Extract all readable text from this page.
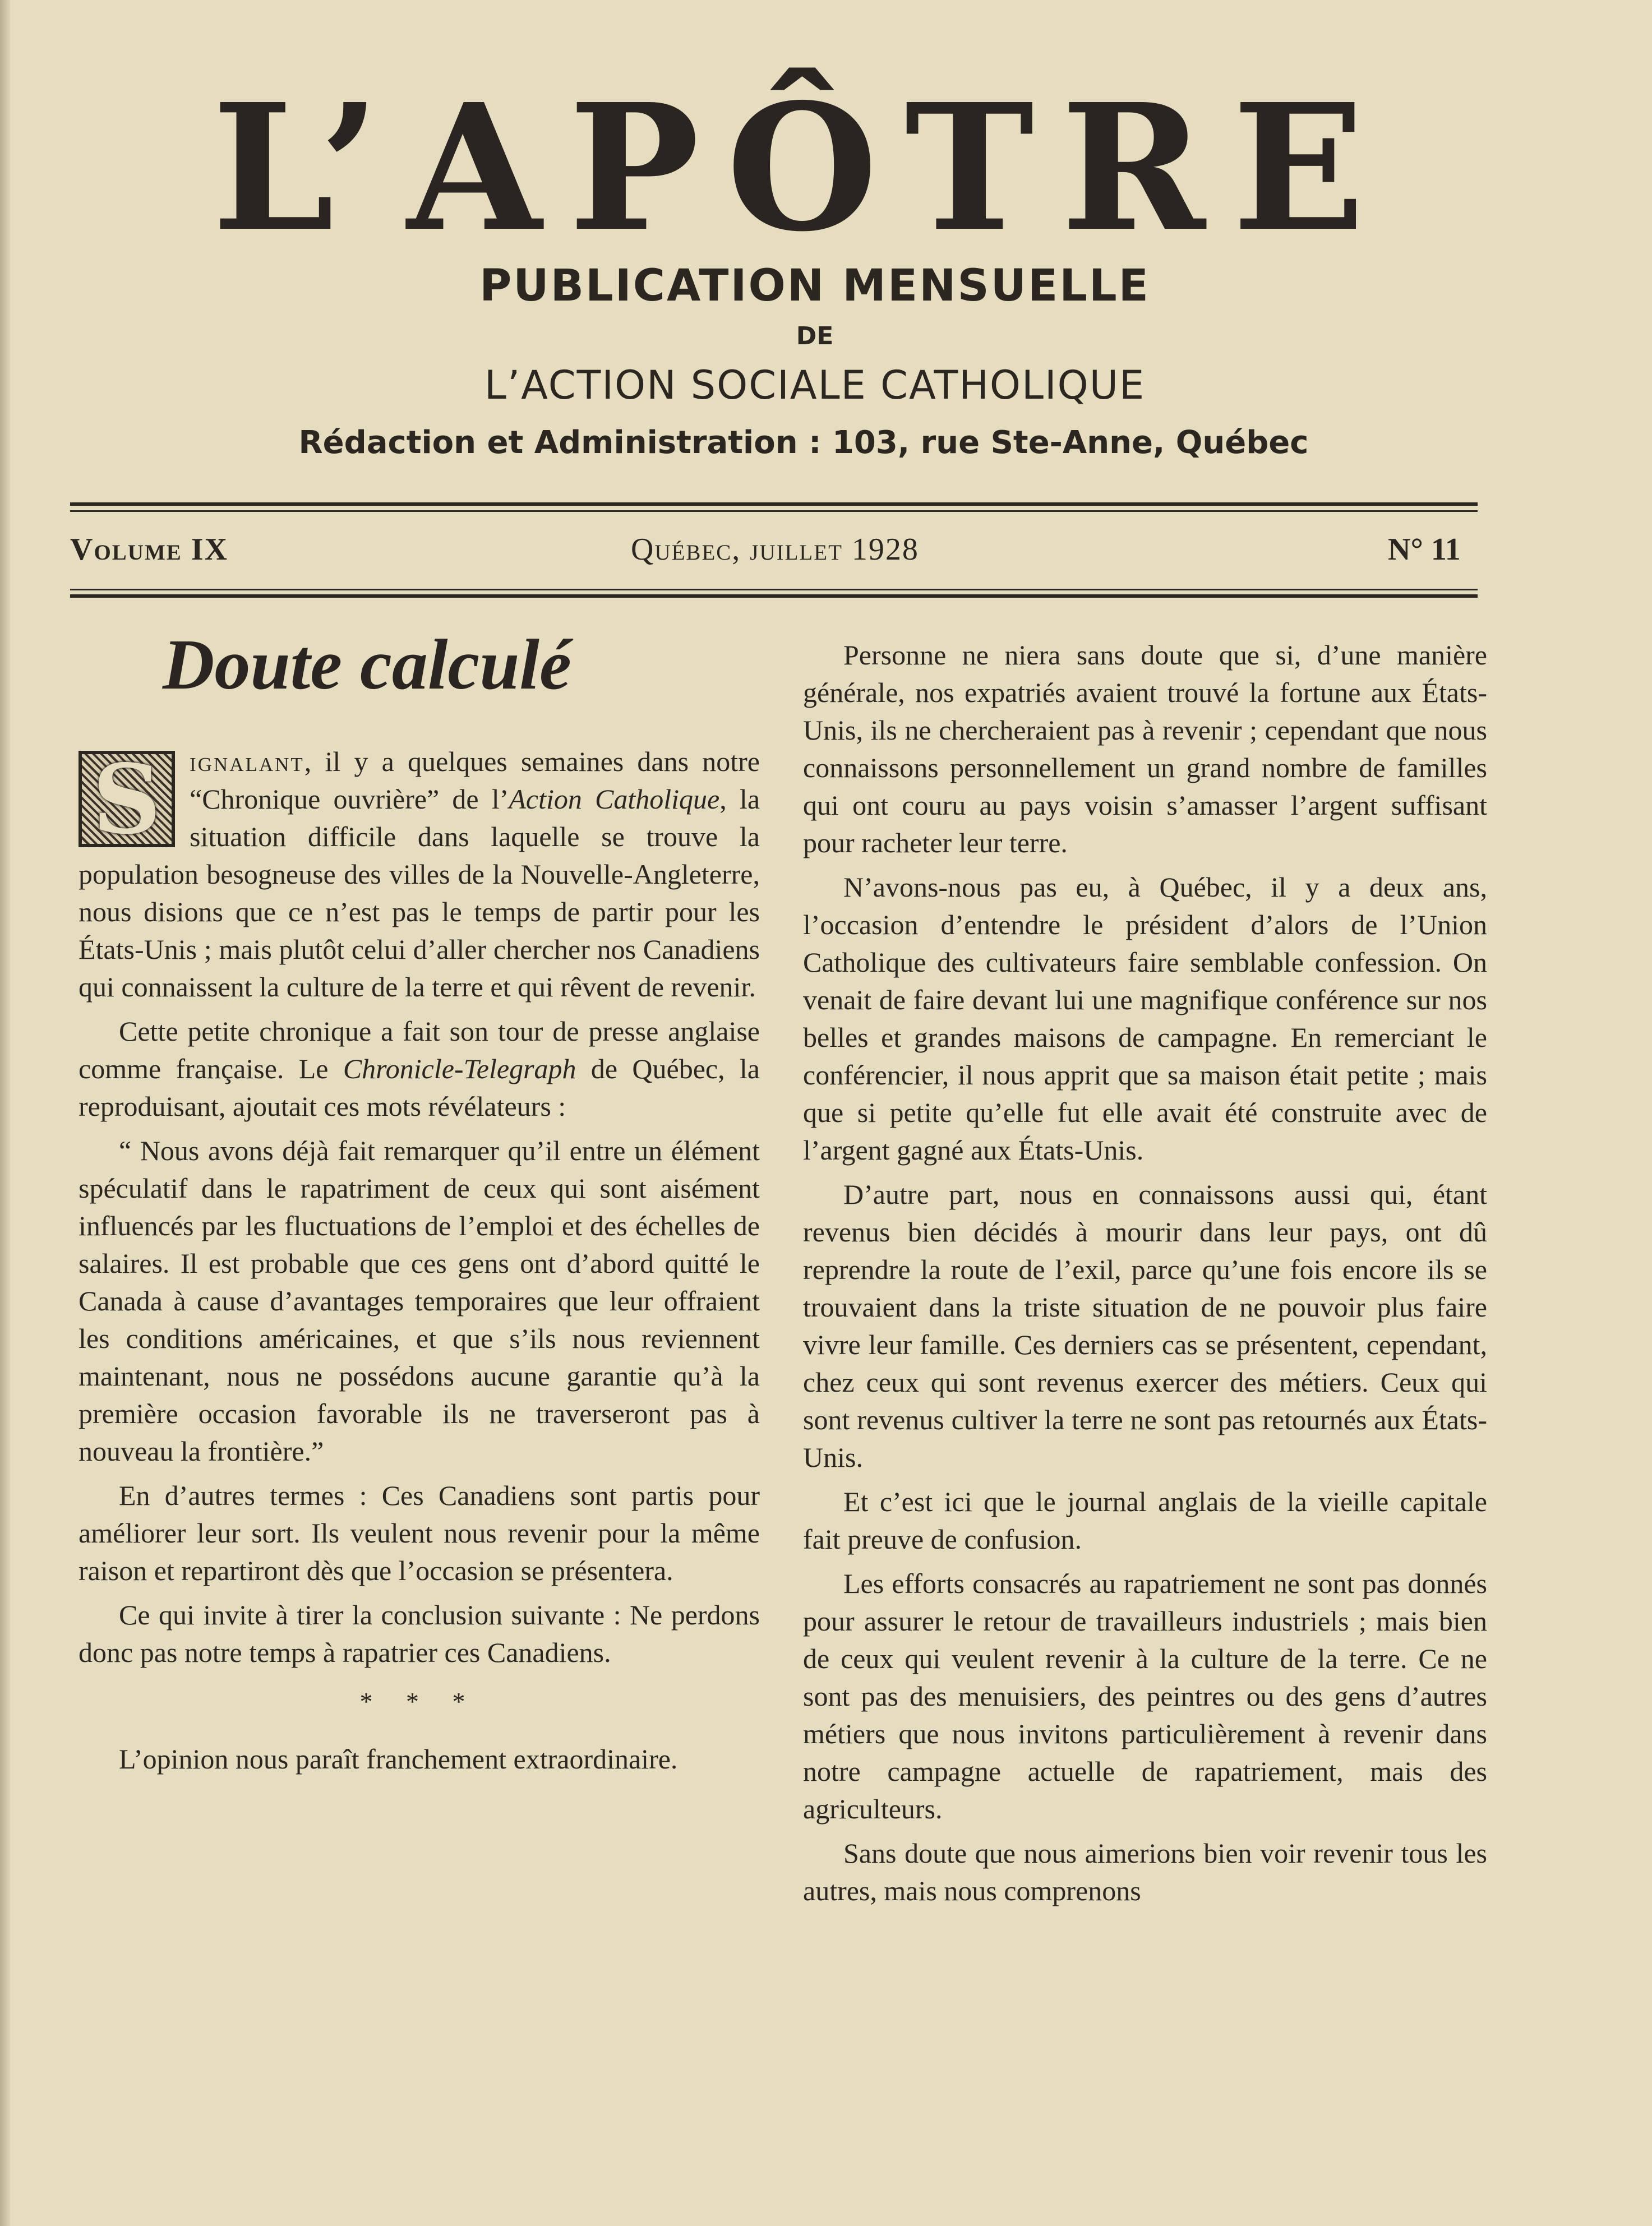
L’APÔTRE
PUBLICATION MENSUELLE
DE
L’ACTION SOCIALE CATHOLIQUE
Rédaction et Administration : 103, rue Ste-Anne, Québec
Volume IX	Québec, juillet 1928	N° 11
Doute calculé

S	ignalant, il y a quelques semaines dans notre “Chronique ouvrière” de l’Action Catholique, la situation difficile dans laquelle se trouve la population besogneuse des villes de la Nouvelle-Angleterre, nous disions que ce n’est pas le temps de partir pour les États-Unis ; mais plutôt celui d’aller chercher nos Canadiens qui connaissent la culture de la terre et qui rêvent de revenir.

Cette petite chronique a fait son tour de presse anglaise comme française. Le Chronicle-Telegraph de Québec, la reproduisant, ajoutait ces mots révélateurs :

“ Nous avons déjà fait remarquer qu’il entre un élément spéculatif dans le rapatriment de ceux qui sont aisément influencés par les fluctuations de l’emploi et des échelles de salaires. Il est probable que ces gens ont d’abord quitté le Canada à cause d’avantages temporaires que leur offraient les conditions américaines, et que s’ils nous reviennent maintenant, nous ne possédons aucune garantie qu’à la première occasion favorable ils ne traverseront pas à nouveau la frontière.”

En d’autres termes : Ces Canadiens sont partis pour améliorer leur sort. Ils veulent nous revenir pour la même raison et repartiront dès que l’occasion se présentera.

Ce qui invite à tirer la conclusion suivante : Ne perdons donc pas notre temps à rapatrier ces Canadiens.

* * *

L’opinion nous paraît franchement extraordinaire.

Personne ne niera sans doute que si, d’une manière générale, nos expatriés avaient trouvé la fortune aux États-Unis, ils ne chercheraient pas à revenir ; cependant que nous connaissons personnellement un grand nombre de familles qui ont couru au pays voisin s’amasser l’argent suffisant pour racheter leur terre.

N’avons-nous pas eu, à Québec, il y a deux ans, l’occasion d’entendre le président d’alors de l’Union Catholique des cultivateurs faire semblable confession. On venait de faire devant lui une magnifique conférence sur nos belles et grandes maisons de campagne. En remerciant le conférencier, il nous apprit que sa maison était petite ; mais que si petite qu’elle fut elle avait été construite avec de l’argent gagné aux États-Unis.

D’autre part, nous en connaissons aussi qui, étant revenus bien décidés à mourir dans leur pays, ont dû reprendre la route de l’exil, parce qu’une fois encore ils se trouvaient dans la triste situation de ne pouvoir plus faire vivre leur famille. Ces derniers cas se présentent, cependant, chez ceux qui sont revenus exercer des métiers. Ceux qui sont revenus cultiver la terre ne sont pas retournés aux États-Unis.

Et c’est ici que le journal anglais de la vieille capitale fait preuve de confusion.

Les efforts consacrés au rapatriement ne sont pas donnés pour assurer le retour de travailleurs industriels ; mais bien de ceux qui veulent revenir à la culture de la terre. Ce ne sont pas des menuisiers, des peintres ou des gens d’autres métiers que nous invitons particulièrement à revenir dans notre campagne actuelle de rapatriement, mais des agriculteurs.

Sans doute que nous aimerions bien voir revenir tous les autres, mais nous comprenons
